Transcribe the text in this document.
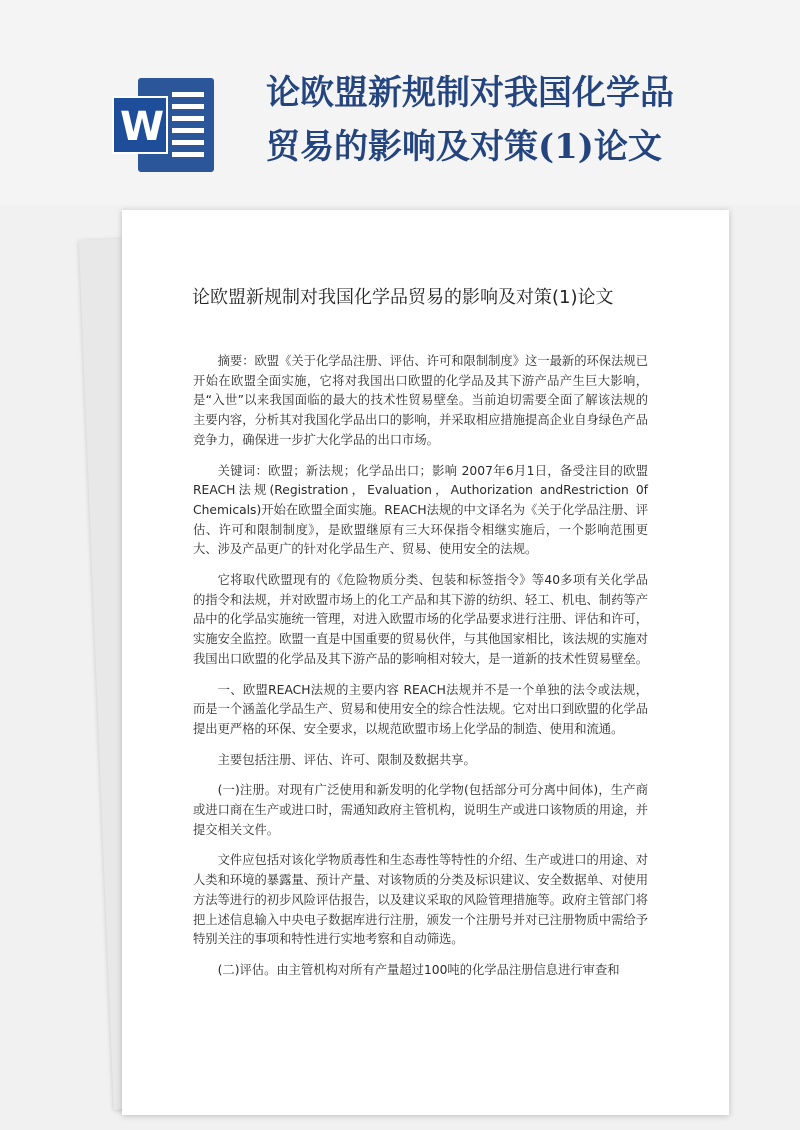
W
论欧盟新规制对我国化学品贸易的影响及对策(1)论文
论欧盟新规制对我国化学品贸易的影响及对策(1)论文

摘要：欧盟《关于化学品注册、评估、许可和限制制度》这一最新的环保法规已开始在欧盟全面实施，它将对我国出口欧盟的化学品及其下游产品产生巨大影响，是“入世”以来我国面临的最大的技术性贸易壁垒。当前迫切需要全面了解该法规的主要内容，分析其对我国化学品出口的影响，并采取相应措施提高企业自身绿色产品竞争力，确保进一步扩大化学品的出口市场。

关键词：欧盟；新法规；化学品出口；影响 2007年6月1日，备受注目的欧盟REACH法规(Registration，Evaluation，Authorization andRestriction 0f Chemicals)开始在欧盟全面实施。REACH法规的中文译名为《关于化学品注册、评估、许可和限制制度》，是欧盟继原有三大环保指令相继实施后，一个影响范围更大、涉及产品更广的针对化学品生产、贸易、使用安全的法规。

它将取代欧盟现有的《危险物质分类、包装和标签指令》等40多项有关化学品的指令和法规，并对欧盟市场上的化工产品和其下游的纺织、轻工、机电、制药等产品中的化学品实施统一管理，对进入欧盟市场的化学品要求进行注册、评估和许可，实施安全监控。欧盟一直是中国重要的贸易伙伴，与其他国家相比，该法规的实施对我国出口欧盟的化学品及其下游产品的影响相对较大，是一道新的技术性贸易壁垒。

一、欧盟REACH法规的主要内容 REACH法规并不是一个单独的法令或法规，而是一个涵盖化学品生产、贸易和使用安全的综合性法规。它对出口到欧盟的化学品提出更严格的环保、安全要求，以规范欧盟市场上化学品的制造、使用和流通。

主要包括注册、评估、许可、限制及数据共享。

(一)注册。对现有广泛使用和新发明的化学物(包括部分可分离中间体)，生产商或进口商在生产或进口时，需通知政府主管机构，说明生产或进口该物质的用途，并提交相关文件。

文件应包括对该化学物质毒性和生态毒性等特性的介绍、生产或进口的用途、对人类和环境的暴露量、预计产量、对该物质的分类及标识建议、安全数据单、对使用方法等进行的初步风险评估报告，以及建议采取的风险管理措施等。政府主管部门将把上述信息输入中央电子数据库进行注册，颁发一个注册号并对已注册物质中需给予特别关注的事项和特性进行实地考察和自动筛选。

(二)评估。由主管机构对所有产量超过100吨的化学品注册信息进行审查和
